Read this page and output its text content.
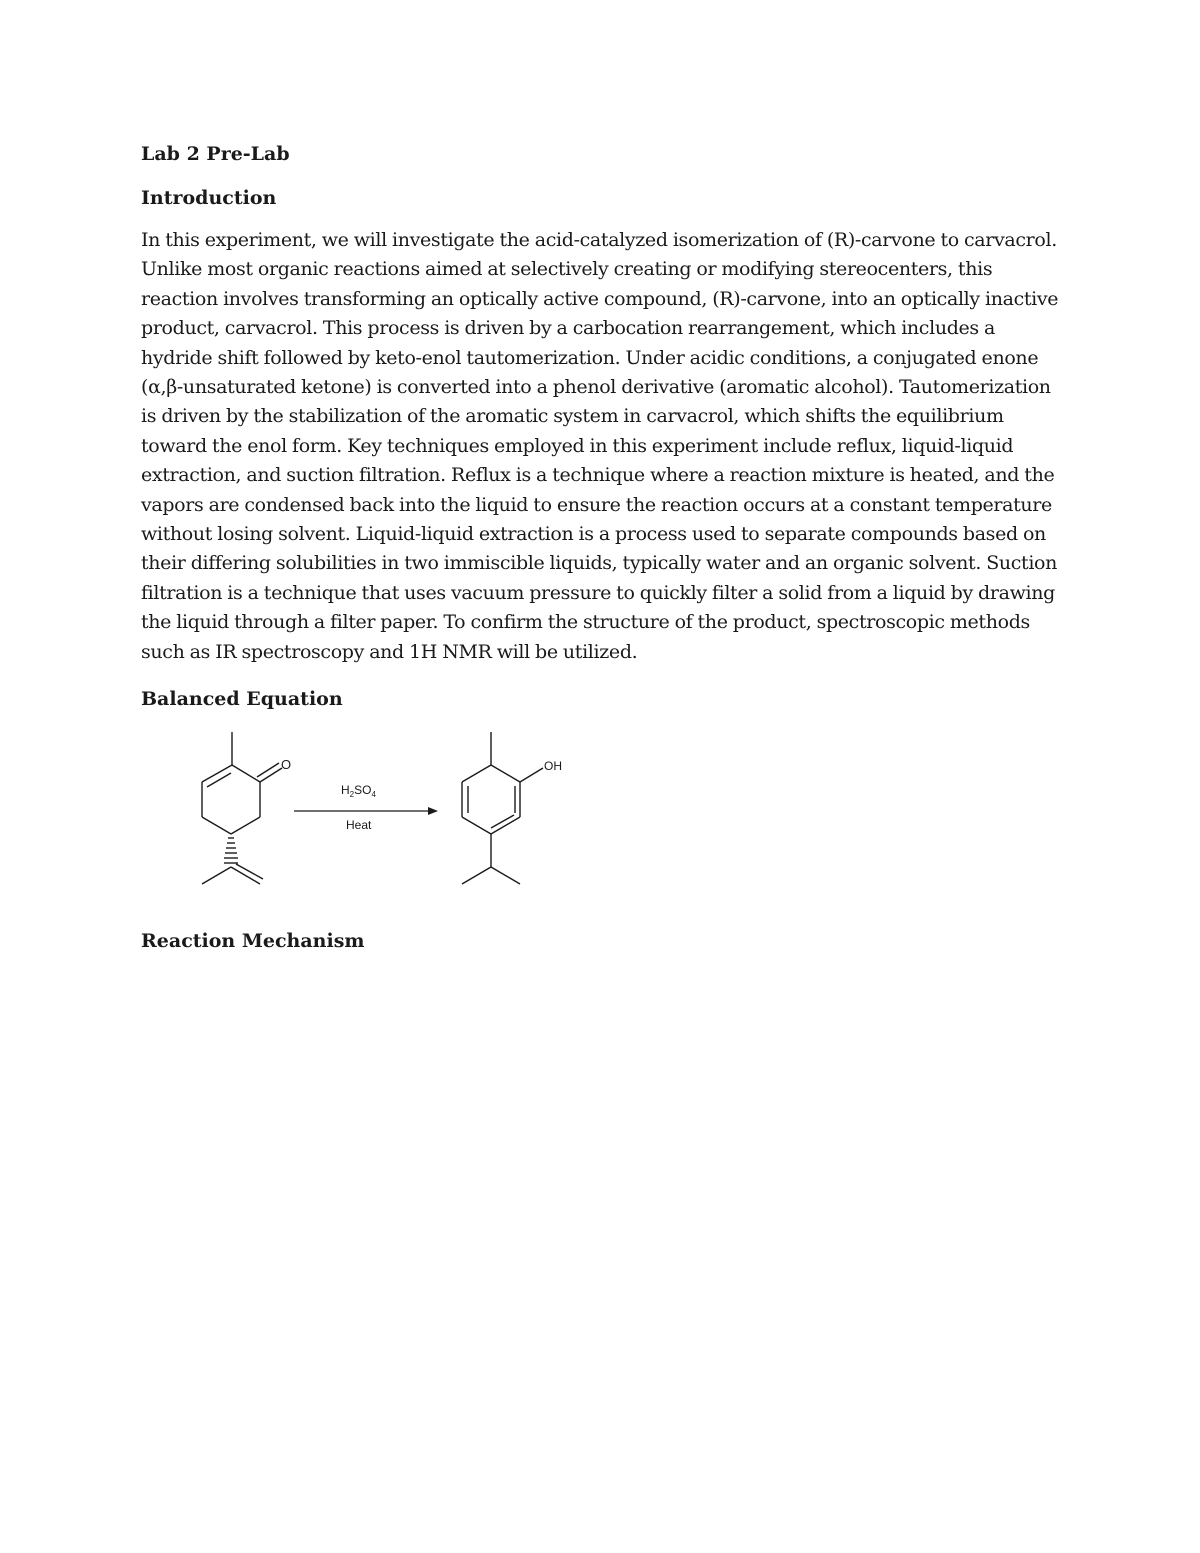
Lab 2 Pre-Lab
Introduction

In this experiment, we will investigate the acid-catalyzed isomerization of (R)-carvone to carvacrol. Unlike most organic reactions aimed at selectively creating or modifying stereocenters, this reaction involves transforming an optically active compound, (R)-carvone, into an optically inactive product, carvacrol. This process is driven by a carbocation rearrangement, which includes a hydride shift followed by keto-enol tautomerization. Under acidic conditions, a conjugated enone (α,β-unsaturated ketone) is converted into a phenol derivative (aromatic alcohol). Tautomerization is driven by the stabilization of the aromatic system in carvacrol, which shifts the equilibrium toward the enol form. Key techniques employed in this experiment include reflux, liquid-liquid extraction, and suction filtration. Reflux is a technique where a reaction mixture is heated, and the vapors are condensed back into the liquid to ensure the reaction occurs at a constant temperature without losing solvent. Liquid-liquid extraction is a process used to separate compounds based on their differing solubilities in two immiscible liquids, typically water and an organic solvent. Suction filtration is a technique that uses vacuum pressure to quickly filter a solid from a liquid by drawing the liquid through a filter paper. To confirm the structure of the product, spectroscopic methods such as IR spectroscopy and 1H NMR will be utilized.

Balanced Equation
O
$H_2SO_4$
Heat
OH
Reaction Mechanism
